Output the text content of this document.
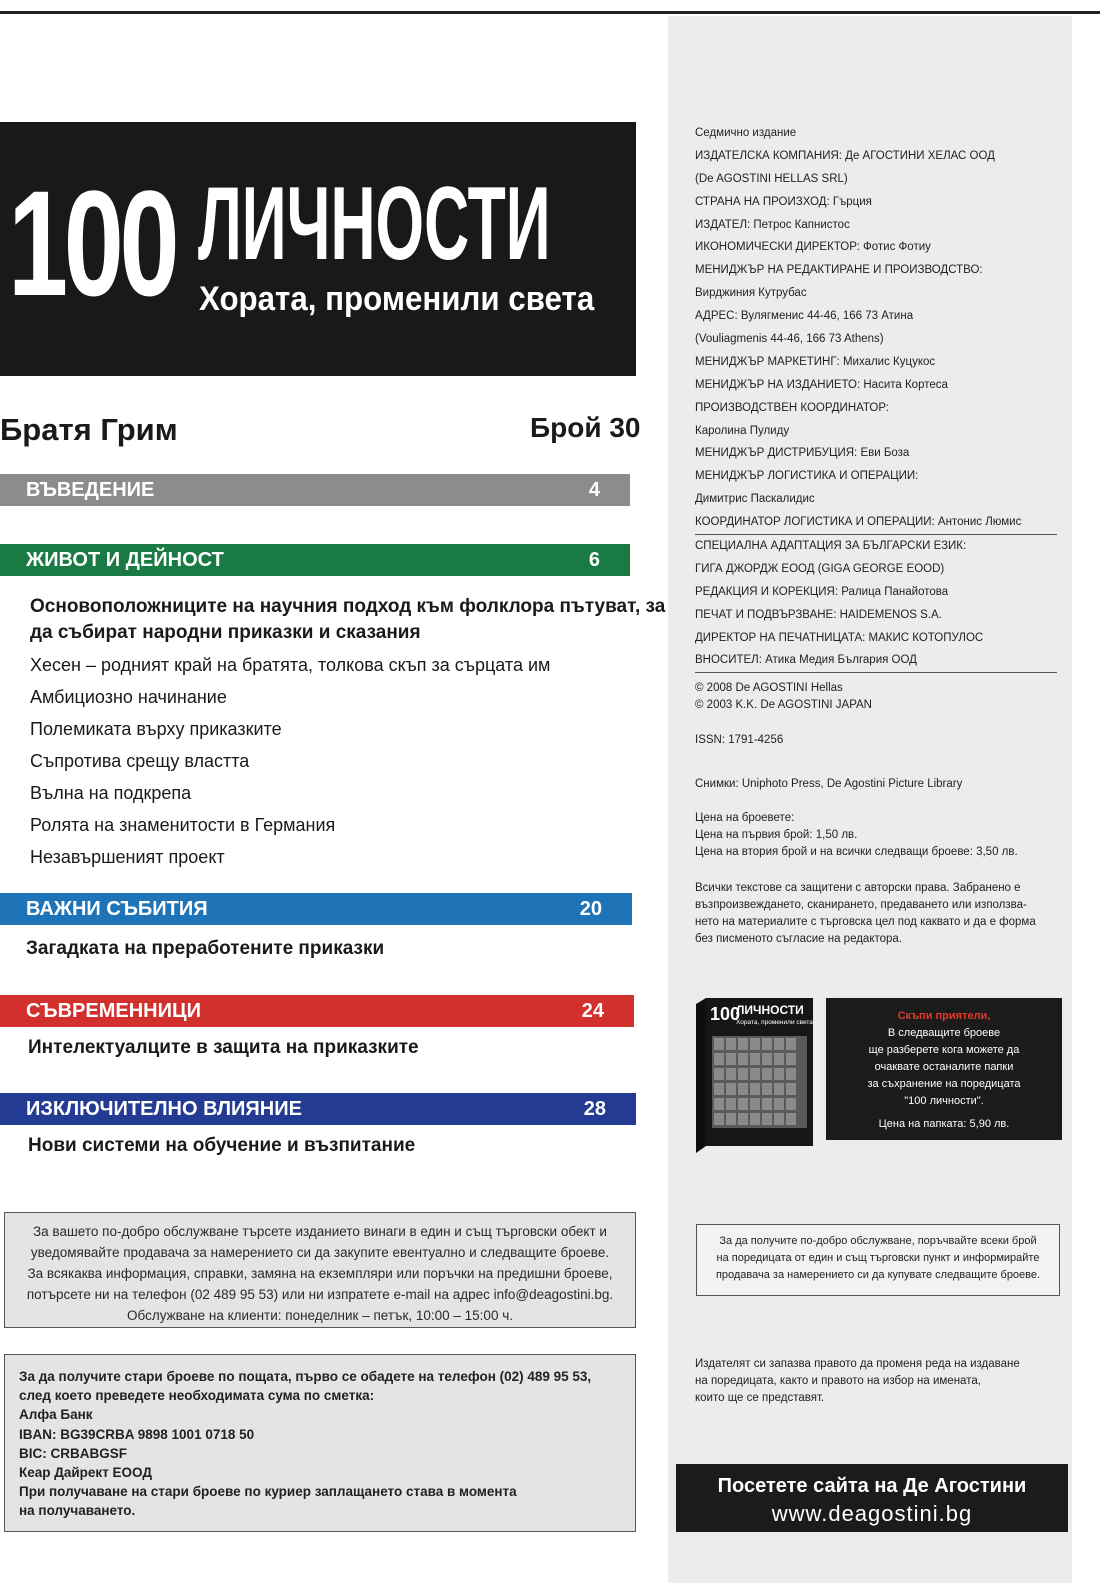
100 ЛИЧНОСТИ
Хората, променили света
Братя Грим	Брой 30
ВЪВЕДЕНИЕ	4
ЖИВОТ И ДЕЙНОСТ	6
Основоположниците на научния подход към фолклора пътуват, за
да събират народни приказки и сказания
Хесен – родният край на братята, толкова скъп за сърцата им
Амбициозно начинание
Полемиката върху приказките
Съпротива срещу властта
Вълна на подкрепа
Ролята на знаменитости в Германия
Незавършеният проект
ВАЖНИ СЪБИТИЯ	20
Загадката на преработените приказки
СЪВРЕМЕННИЦИ	24
Интелектуалците в защита на приказките
ИЗКЛЮЧИТЕЛНО ВЛИЯНИЕ	28
Нови системи на обучение и възпитание
За вашето по-добро обслужване търсете изданието винаги в един и същ търговски обект и
уведомявайте продавача за намерението си да закупите евентуално и следващите броеве.
За всякаква информация, справки, замяна на екземпляри или поръчки на предишни броеве,
потърсете ни на телефон (02 489 95 53) или ни изпратете e-mail на адрес info@deagostini.bg.
Обслужване на клиенти: понеделник – петък, 10:00 – 15:00 ч.
За да получите стари броеве по пощата, първо се обадете на телефон (02) 489 95 53,
след което преведете необходимата сума по сметка:
Алфа Банк
IBAN: BG39CRBA 9898 1001 0718 50
BIC: CRBABGSF
Кеар Дайрект ЕООД
При получаване на стари броеве по куриер заплащането става в момента
на получаването.
Седмично издание
ИЗДАТЕЛСКА КОМПАНИЯ: Де АГОСТИНИ ХЕЛАС ООД
(De AGOSTINI HELLAS SRL)
СТРАНА НА ПРОИЗХОД: Гърция
ИЗДАТЕЛ: Петрос Капнистос
ИКОНОМИЧЕСКИ ДИРЕКТОР: Фотис Фотиу
МЕНИДЖЪР НА РЕДАКТИРАНЕ И ПРОИЗВОДСТВО:
Вирджиния Кутрубас
АДРЕС: Вулягменис 44-46, 166 73 Атина
(Vouliagmenis 44-46, 166 73 Athens)
МЕНИДЖЪР МАРКЕТИНГ: Михалис Куцукос
МЕНИДЖЪР НА ИЗДАНИЕТО: Насита Кортеса
ПРОИЗВОДСТВЕН КООРДИНАТОР:
Каролина Пулиду
МЕНИДЖЪР ДИСТРИБУЦИЯ: Еви Боза
МЕНИДЖЪР ЛОГИСТИКА И ОПЕРАЦИИ:
Димитрис Паскалидис
КООРДИНАТОР ЛОГИСТИКА И ОПЕРАЦИИ: Антонис Люмис
СПЕЦИАЛНА АДАПТАЦИЯ ЗА БЪЛГАРСКИ ЕЗИК:
ГИГА ДЖОРДЖ ЕООД (GIGA GEORGE EOOD)
РЕДАКЦИЯ И КОРЕКЦИЯ: Ралица Панайотова
ПЕЧАТ И ПОДВЪРЗВАНЕ: HAIDEMENOS S.A.
ДИРЕКТОР НА ПЕЧАТНИЦАТА: МАКИС КОТОПУЛОС
ВНОСИТЕЛ: Атика Медия България ООД
© 2008 De AGOSTINI Hellas
© 2003 K.K. De AGOSTINI JAPAN
ISSN: 1791-4256
Снимки: Uniphoto Press, De Agostini Picture Library
Цена на броевете:
Цена на първия брой: 1,50 лв.
Цена на втория брой и на всички следващи броеве: 3,50 лв.
Всички текстове са защитени с авторски права. Забранено е
възпроизвеждането, сканирането, предаването или използва-
нето на материалите с търговска цел под каквато и да е форма
без писменото съгласие на редактора.
100
ЛИЧНОСТИ
Хората, променили света
Скъпи приятели,
В следващите броеве
ще разберете кога можете да
очаквате останалите папки
за съхранение на поредицата
"100 личности".
Цена на папката: 5,90 лв.
За да получите по-добро обслужване, поръчвайте всеки брой
на поредицата от един и същ търговски пункт и информирайте
продавача за намерението си да купувате следващите броеве.
Издателят си запазва правото да променя реда на издаване
на поредицата, както и правото на избор на имената,
които ще се представят.
Посетете сайта на Де Агостини
www.deagostini.bg
